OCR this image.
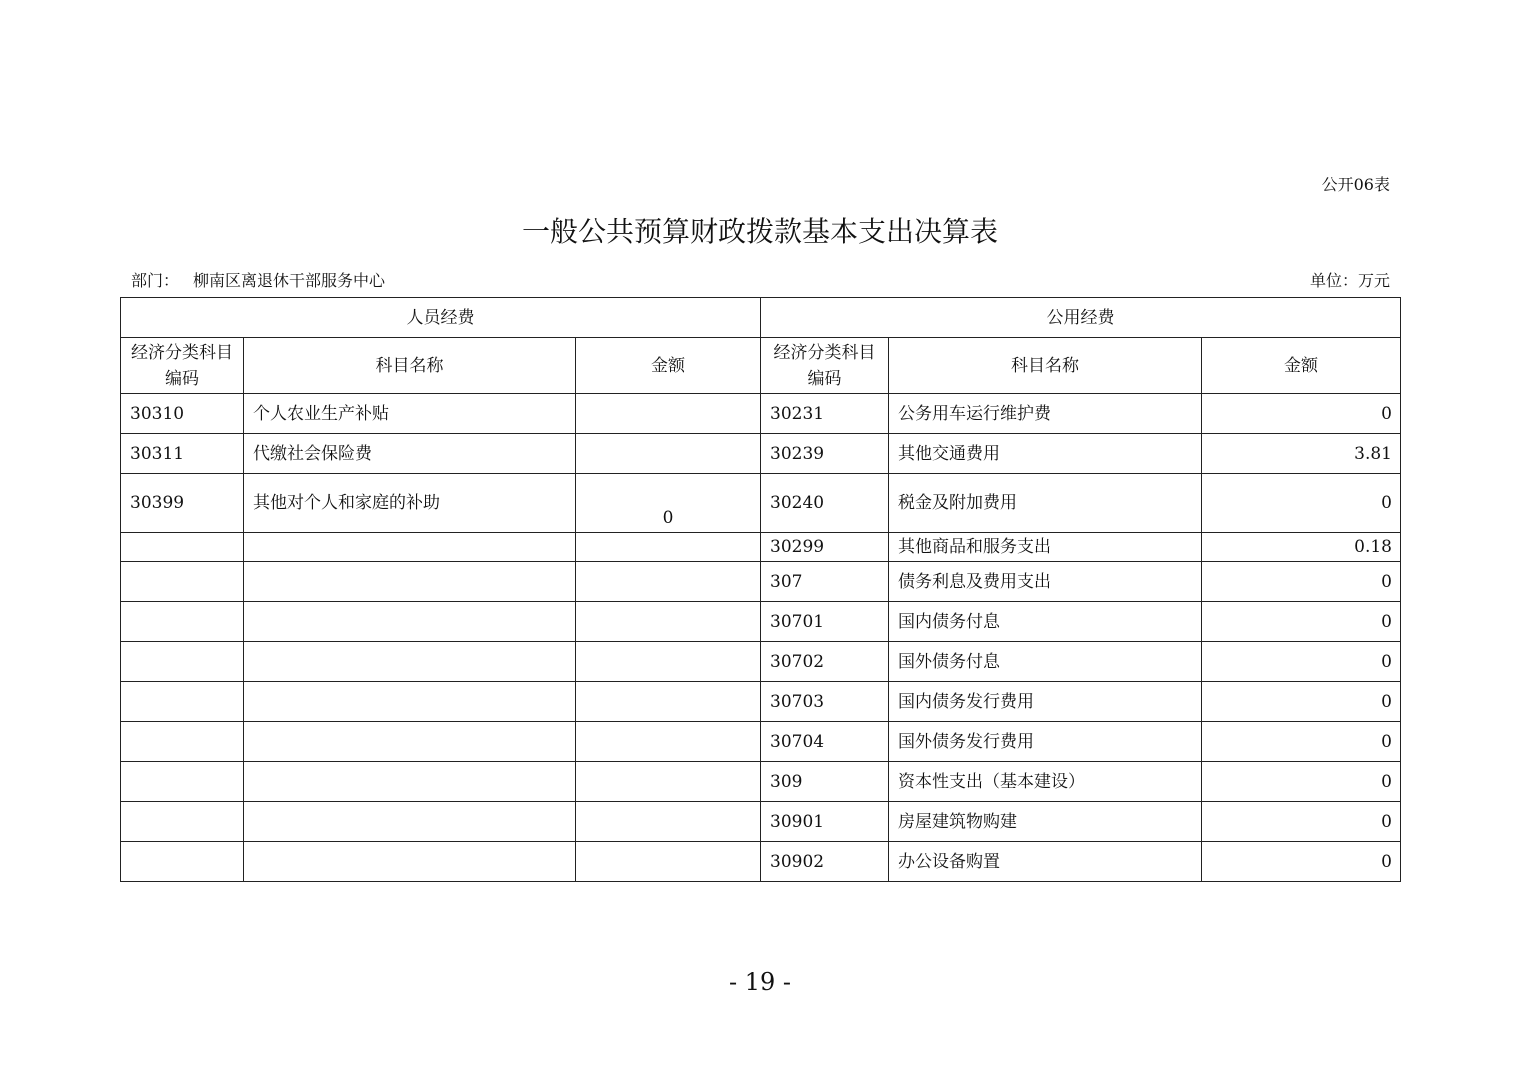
公开06表
一般公共预算财政拨款基本支出决算表
部门： 柳南区离退休干部服务中心	单位：万元
人员经费			公用经费		
经济分类科目编码	科目名称	金额	经济分类科目编码	科目名称	金额
30310	个人农业生产补贴		30231	公务用车运行维护费	0
30311	代缴社会保险费		30239	其他交通费用	3.81
30399	其他对个人和家庭的补助	0	30240	税金及附加费用	0
			30299	其他商品和服务支出	0.18
			307	债务利息及费用支出	0
			30701	国内债务付息	0
			30702	国外债务付息	0
			30703	国内债务发行费用	0
			30704	国外债务发行费用	0
			309	资本性支出（基本建设）	0
			30901	房屋建筑物购建	0
			30902	办公设备购置	0
- 19 -
